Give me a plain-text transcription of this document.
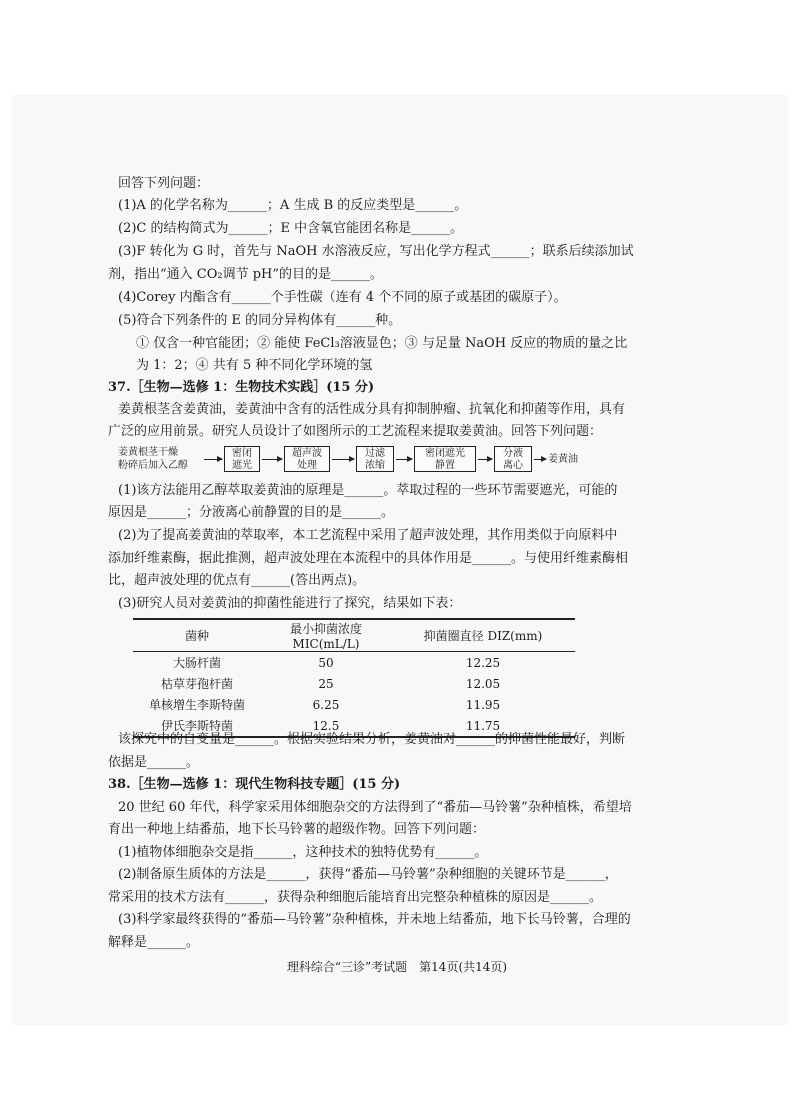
回答下列问题：
(1)A 的化学名称为______；A 生成 B 的反应类型是______。
(2)C 的结构简式为______；E 中含氧官能团名称是______。
(3)F 转化为 G 时，首先与 NaOH 水溶液反应，写出化学方程式______；联系后续添加试
剂，指出“通入 CO₂调节 pH”的目的是______。
(4)Corey 内酯含有______个手性碳（连有 4 个不同的原子或基团的碳原子）。
(5)符合下列条件的 E 的同分异构体有______种。
① 仅含一种官能团；② 能使 FeCl₃溶液显色；③ 与足量 NaOH 反应的物质的量之比
为 1：2；④ 共有 5 种不同化学环境的氢
37.［生物—选修 1：生物技术实践］(15 分)
姜黄根茎含姜黄油，姜黄油中含有的活性成分具有抑制肿瘤、抗氧化和抑菌等作用，具有
广泛的应用前景。研究人员设计了如图所示的工艺流程来提取姜黄油。回答下列问题：
姜黄根茎干燥
粉碎后加入乙醇
密闭
遮光
超声波
处理
过滤
浓缩
密闭遮光
静置
分液
离心
姜黄油
(1)该方法能用乙醇萃取姜黄油的原理是______。萃取过程的一些环节需要遮光，可能的
原因是______；分液离心前静置的目的是______。
(2)为了提高姜黄油的萃取率，本工艺流程中采用了超声波处理，其作用类似于向原料中
添加纤维素酶，据此推测，超声波处理在本流程中的具体作用是______。与使用纤维素酶相
比，超声波处理的优点有______(答出两点)。
(3)研究人员对姜黄油的抑菌性能进行了探究，结果如下表：
菌种	最小抑菌浓度 MIC(mL/L)	抑菌圈直径 DIZ(mm)
大肠杆菌	50	12.25
枯草芽孢杆菌	25	12.05
单核增生李斯特菌	6.25	11.95
伊氏李斯特菌	12.5	11.75
该探究中的自变量是______。根据实验结果分析，姜黄油对______的抑菌性能最好，判断
依据是______。
38.［生物—选修 1：现代生物科技专题］(15 分)
20 世纪 60 年代，科学家采用体细胞杂交的方法得到了“番茄—马铃薯”杂种植株，希望培
育出一种地上结番茄，地下长马铃薯的超级作物。回答下列问题：
(1)植物体细胞杂交是指______，这种技术的独特优势有______。
(2)制备原生质体的方法是______，获得“番茄—马铃薯”杂种细胞的关键环节是______，
常采用的技术方法有______，获得杂种细胞后能培育出完整杂种植株的原因是______。
(3)科学家最终获得的“番茄—马铃薯”杂种植株，并未地上结番茄，地下长马铃薯，合理的
解释是______。
理科综合“三诊”考试题　第14页(共14页)
